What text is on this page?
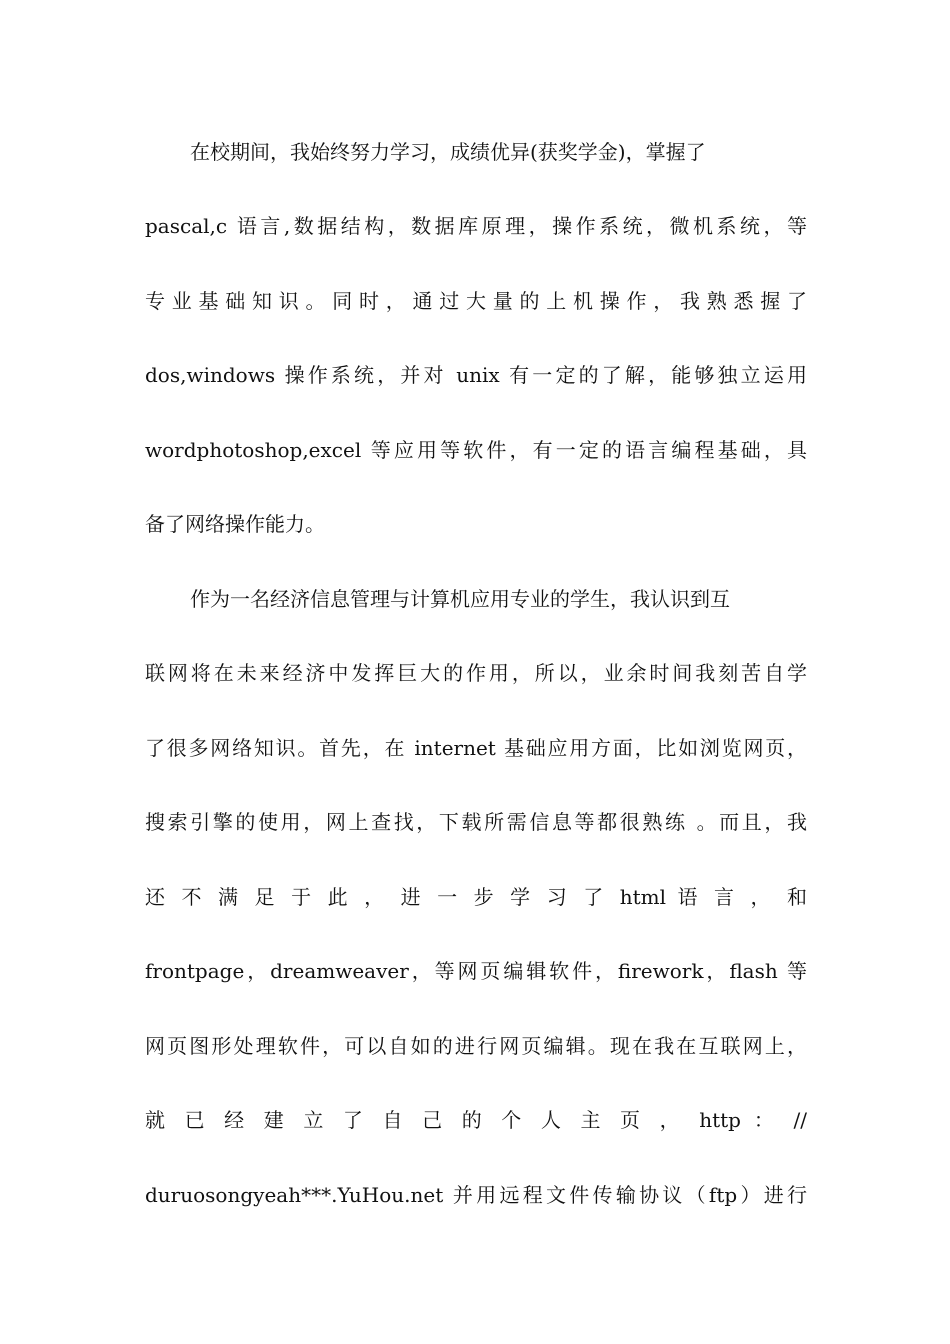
在校期间，我始终努力学习，成绩优异(获奖学金)，掌握了
pascal,c 语言,数据结构，数据库原理，操作系统，微机系统，等
专业基础知识。同时，通过大量的上机操作，我熟悉握了
dos,windows 操作系统，并对 unix 有一定的了解，能够独立运用
wordphotoshop,excel 等应用等软件，有一定的语言编程基础，具
备了网络操作能力。
作为一名经济信息管理与计算机应用专业的学生，我认识到互
联网将在未来经济中发挥巨大的作用，所以，业余时间我刻苦自学
了很多网络知识。首先，在 internet 基础应用方面，比如浏览网页，
搜索引擎的使用，网上查找，下载所需信息等都很熟练 。而且，我
还 不 满 足 于 此 ， 进 一 步 学 习 了 html 语 言 ， 和
frontpage，dreamweaver，等网页编辑软件，firework，flash 等
网页图形处理软件，可以自如的进行网页编辑。现在我在互联网上，
就 已 经 建 立 了 自 己 的 个 人 主 页 ， http ： //
duruosongyeah***.YuHou.net 并用远程文件传输协议（ftp）进行
